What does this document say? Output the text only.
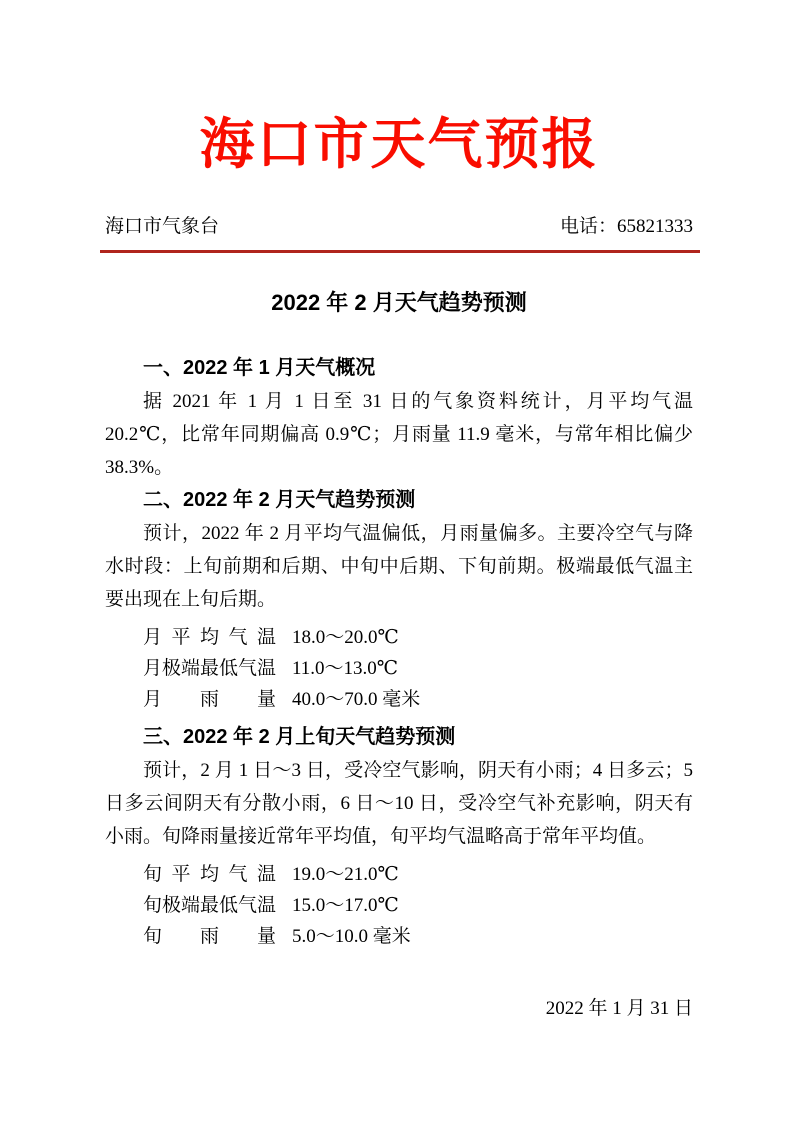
海口市天气预报
海口市气象台	电话：65821333
2022 年 2 月天气趋势预测
一、2022 年 1 月天气概况

据 2021 年 1 月 1 日至 31 日的气象资料统计，月平均气温 20.2℃，比常年同期偏高 0.9℃；月雨量 11.9 毫米，与常年相比偏少 38.3%。

二、2022 年 2 月天气趋势预测

预计，2022 年 2 月平均气温偏低，月雨量偏多。主要冷空气与降水时段：上旬前期和后期、中旬中后期、下旬前期。极端最低气温主要出现在上旬后期。

月平均气温 18.0～20.0℃
月极端最低气温 11.0～13.0℃
月雨量 40.0～70.0 毫米
三、2022 年 2 月上旬天气趋势预测

预计，2 月 1 日～3 日，受冷空气影响，阴天有小雨；4 日多云；5 日多云间阴天有分散小雨，6 日～10 日，受冷空气补充影响，阴天有小雨。旬降雨量接近常年平均值，旬平均气温略高于常年平均值。

旬平均气温 19.0～21.0℃
旬极端最低气温 15.0～17.0℃
旬雨量 5.0～10.0 毫米
2022 年 1 月 31 日
